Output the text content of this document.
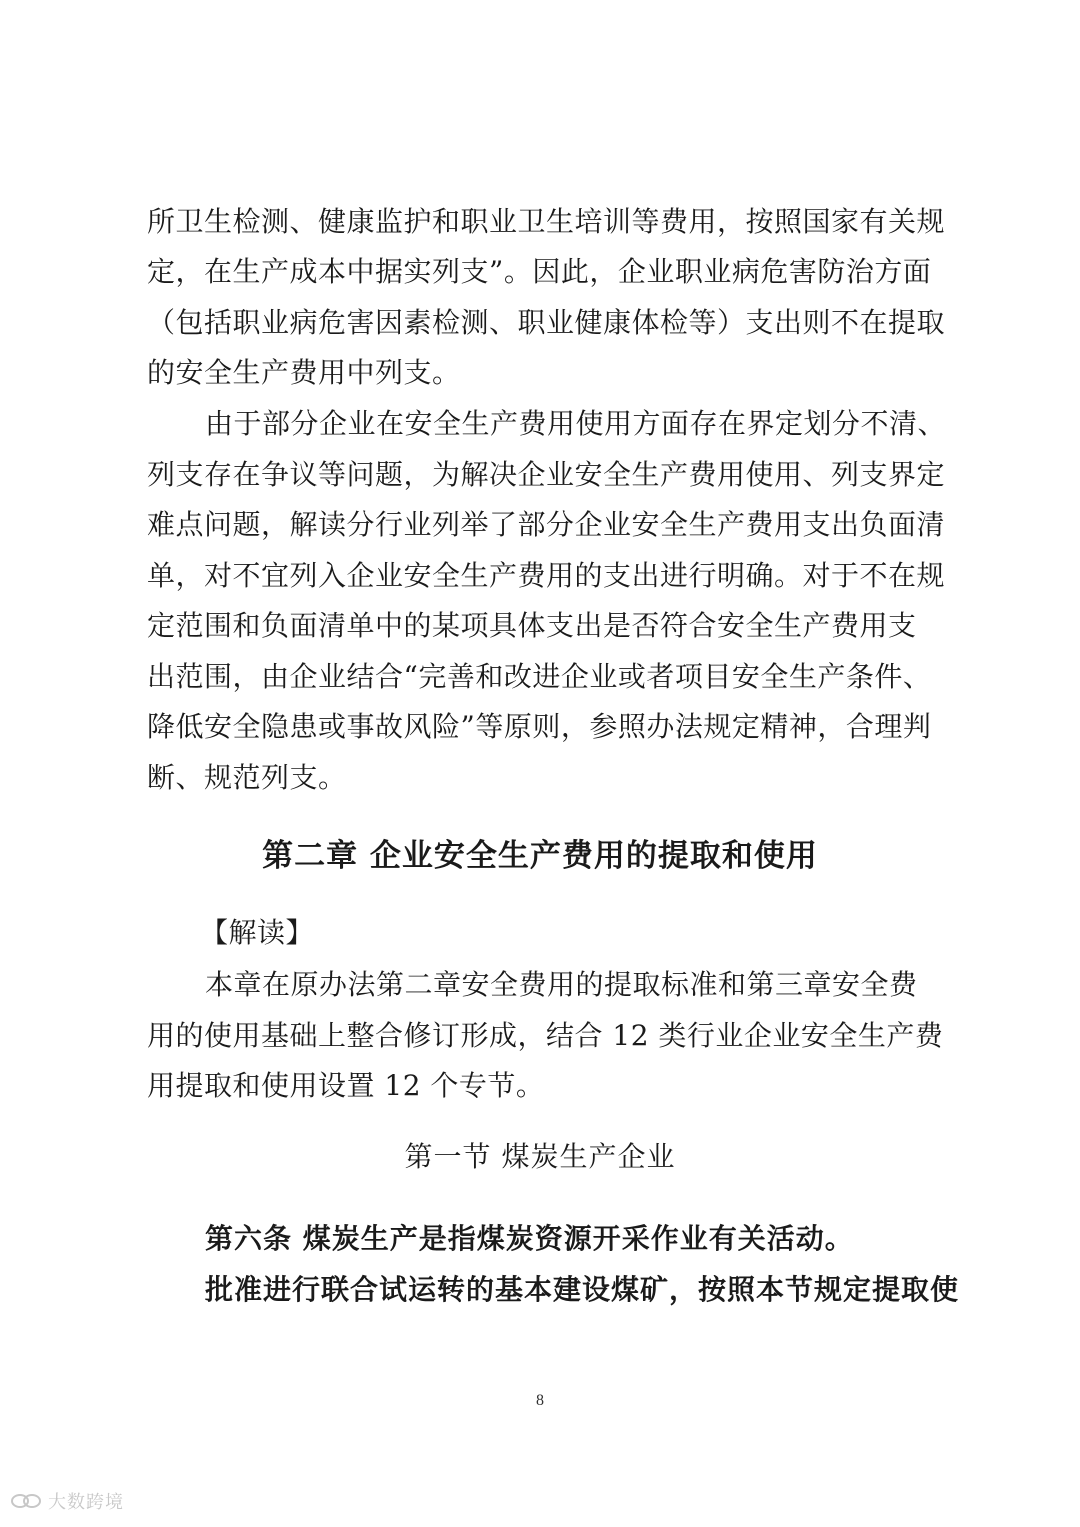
所卫生检测、健康监护和职业卫生培训等费用，按照国家有关规
定，在生产成本中据实列支”。因此，企业职业病危害防治方面
（包括职业病危害因素检测、职业健康体检等）支出则不在提取
的安全生产费用中列支。
由于部分企业在安全生产费用使用方面存在界定划分不清、
列支存在争议等问题，为解决企业安全生产费用使用、列支界定
难点问题，解读分行业列举了部分企业安全生产费用支出负面清
单，对不宜列入企业安全生产费用的支出进行明确。对于不在规
定范围和负面清单中的某项具体支出是否符合安全生产费用支
出范围，由企业结合“完善和改进企业或者项目安全生产条件、
降低安全隐患或事故风险”等原则，参照办法规定精神，合理判
断、规范列支。
第二章 企业安全生产费用的提取和使用
【解读】
本章在原办法第二章安全费用的提取标准和第三章安全费
用的使用基础上整合修订形成，结合 12 类行业企业安全生产费
用提取和使用设置 12 个专节。
第一节 煤炭生产企业
第六条 煤炭生产是指煤炭资源开采作业有关活动。
批准进行联合试运转的基本建设煤矿，按照本节规定提取使
8
大数跨境
